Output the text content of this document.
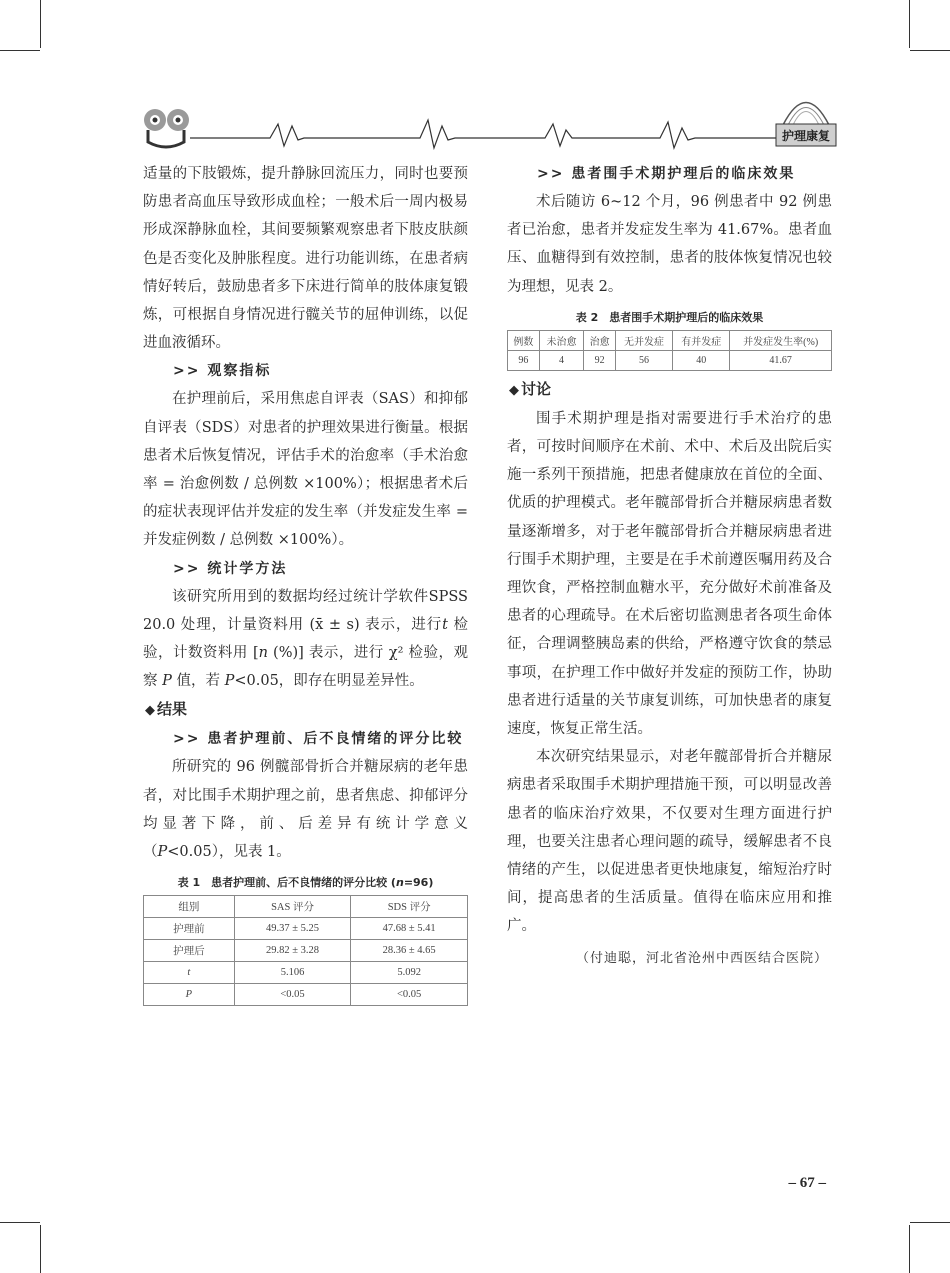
护理康复

适量的下肢锻炼，提升静脉回流压力，同时也要预防患者高血压导致形成血栓；一般术后一周内极易形成深静脉血栓，其间要频繁观察患者下肢皮肤颜色是否变化及肿胀程度。进行功能训练，在患者病情好转后，鼓励患者多下床进行简单的肢体康复锻炼，可根据自身情况进行髋关节的屈伸训练，以促进血液循环。

>> 观察指标

在护理前后，采用焦虑自评表（SAS）和抑郁自评表（SDS）对患者的护理效果进行衡量。根据患者术后恢复情况，评估手术的治愈率（手术治愈率 = 治愈例数 / 总例数 ×100%）；根据患者术后的症状表现评估并发症的发生率（并发症发生率 = 并发症例数 / 总例数 ×100%）。

>> 统计学方法

该研究所用到的数据均经过统计学软件SPSS 20.0 处理，计量资料用 (x̄ ± s) 表示，进行t 检验，计数资料用 [n (%)] 表示，进行 χ² 检验，观察 P 值，若 P<0.05，即存在明显差异性。

◆ 结果

>> 患者护理前、后不良情绪的评分比较

所研究的 96 例髋部骨折合并糖尿病的老年患者，对比围手术期护理之前，患者焦虑、抑郁评分均显著下降，前、后差异有统计学意义（P<0.05），见表 1。

表 1　患者护理前、后不良情绪的评分比较 (n=96)
组别	SAS 评分	SDS 评分
护理前	49.37 ± 5.25	47.68 ± 5.41
护理后	29.82 ± 3.28	28.36 ± 4.65
t	5.106	5.092
P	<0.05	<0.05

>> 患者围手术期护理后的临床效果

术后随访 6~12 个月，96 例患者中 92 例患者已治愈，患者并发症发生率为 41.67%。患者血压、血糖得到有效控制，患者的肢体恢复情况也较为理想，见表 2。

表 2　患者围手术期护理后的临床效果
例数	未治愈	治愈	无并发症	有并发症	并发症发生率(%)
96	4	92	56	40	41.67

◆ 讨论

围手术期护理是指对需要进行手术治疗的患者，可按时间顺序在术前、术中、术后及出院后实施一系列干预措施，把患者健康放在首位的全面、优质的护理模式。老年髋部骨折合并糖尿病患者数量逐渐增多，对于老年髋部骨折合并糖尿病患者进行围手术期护理，主要是在手术前遵医嘱用药及合理饮食，严格控制血糖水平，充分做好术前准备及患者的心理疏导。在术后密切监测患者各项生命体征，合理调整胰岛素的供给，严格遵守饮食的禁忌事项，在护理工作中做好并发症的预防工作，协助患者进行适量的关节康复训练，可加快患者的康复速度，恢复正常生活。

本次研究结果显示，对老年髋部骨折合并糖尿病患者采取围手术期护理措施干预，可以明显改善患者的临床治疗效果，不仅要对生理方面进行护理，也要关注患者心理问题的疏导，缓解患者不良情绪的产生，以促进患者更快地康复，缩短治疗时间，提高患者的生活质量。值得在临床应用和推广。

（付迪聪，河北省沧州中西医结合医院）

– 67 –
